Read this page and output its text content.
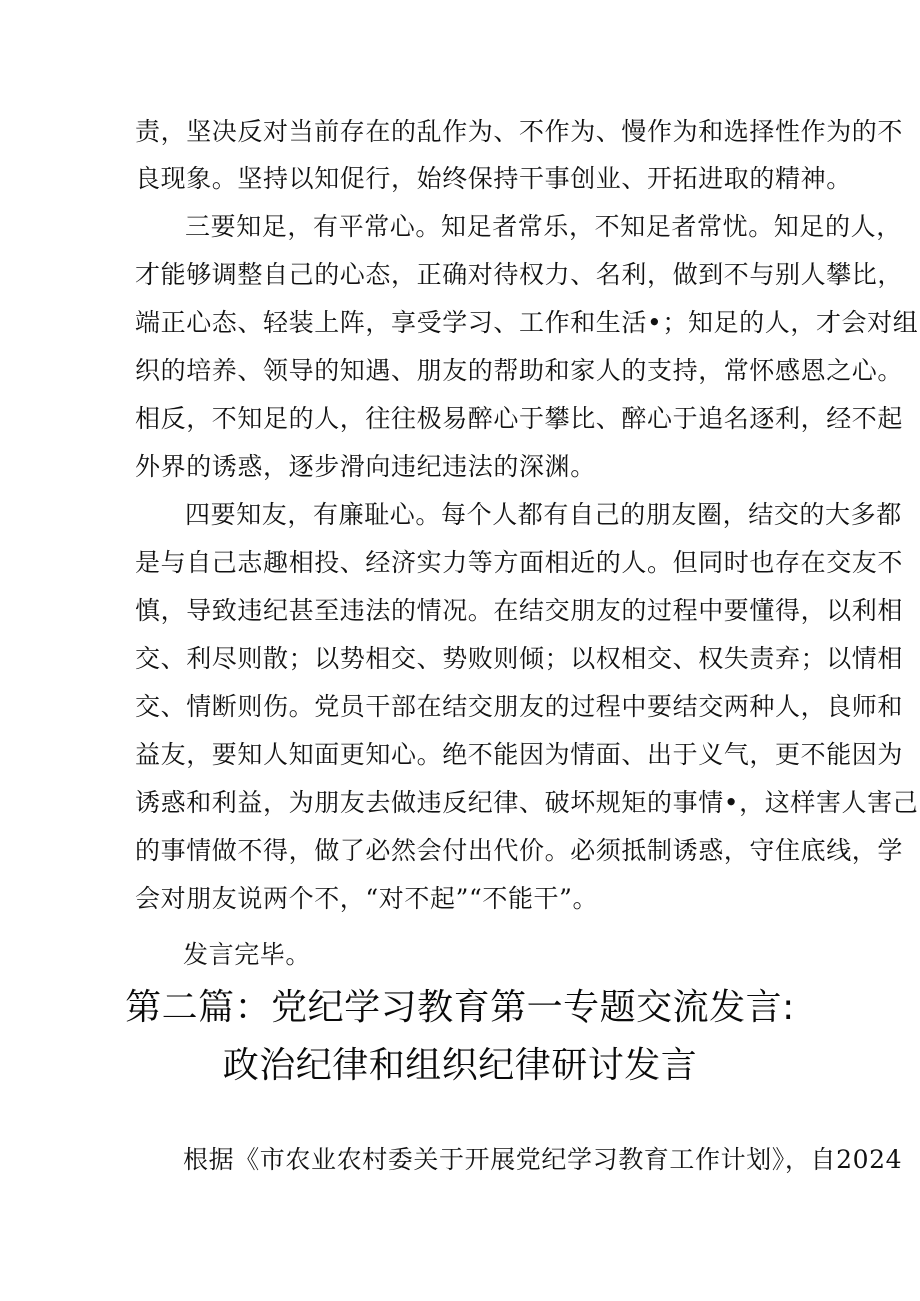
责，坚决反对当前存在的乱作为、不作为、慢作为和选择性作为的不
良现象。坚持以知促行，始终保持干事创业、开拓进取的精神。
三要知足，有平常心。知足者常乐，不知足者常忧。知足的人，
才能够调整自己的心态，正确对待权力、名利，做到不与别人攀比，
端正心态、轻装上阵，享受学习、工作和生活•；知足的人，才会对组
织的培养、领导的知遇、朋友的帮助和家人的支持，常怀感恩之心。
相反，不知足的人，往往极易醉心于攀比、醉心于追名逐利，经不起
外界的诱惑，逐步滑向违纪违法的深渊。
四要知友，有廉耻心。每个人都有自己的朋友圈，结交的大多都
是与自己志趣相投、经济实力等方面相近的人。但同时也存在交友不
慎，导致违纪甚至违法的情况。在结交朋友的过程中要懂得，以利相
交、利尽则散；以势相交、势败则倾；以权相交、权失责弃；以情相
交、情断则伤。党员干部在结交朋友的过程中要结交两种人，良师和
益友，要知人知面更知心。绝不能因为情面、出于义气，更不能因为
诱惑和利益，为朋友去做违反纪律、破坏规矩的事情•，这样害人害己
的事情做不得，做了必然会付出代价。必须抵制诱惑，守住底线，学
会对朋友说两个不，“对不起”“不能干”。
发言完毕。
第二篇：党纪学习教育第一专题交流发言:
政治纪律和组织纪律研讨发言
根据《市农业农村委关于开展党纪学习教育工作计划》，自2024
